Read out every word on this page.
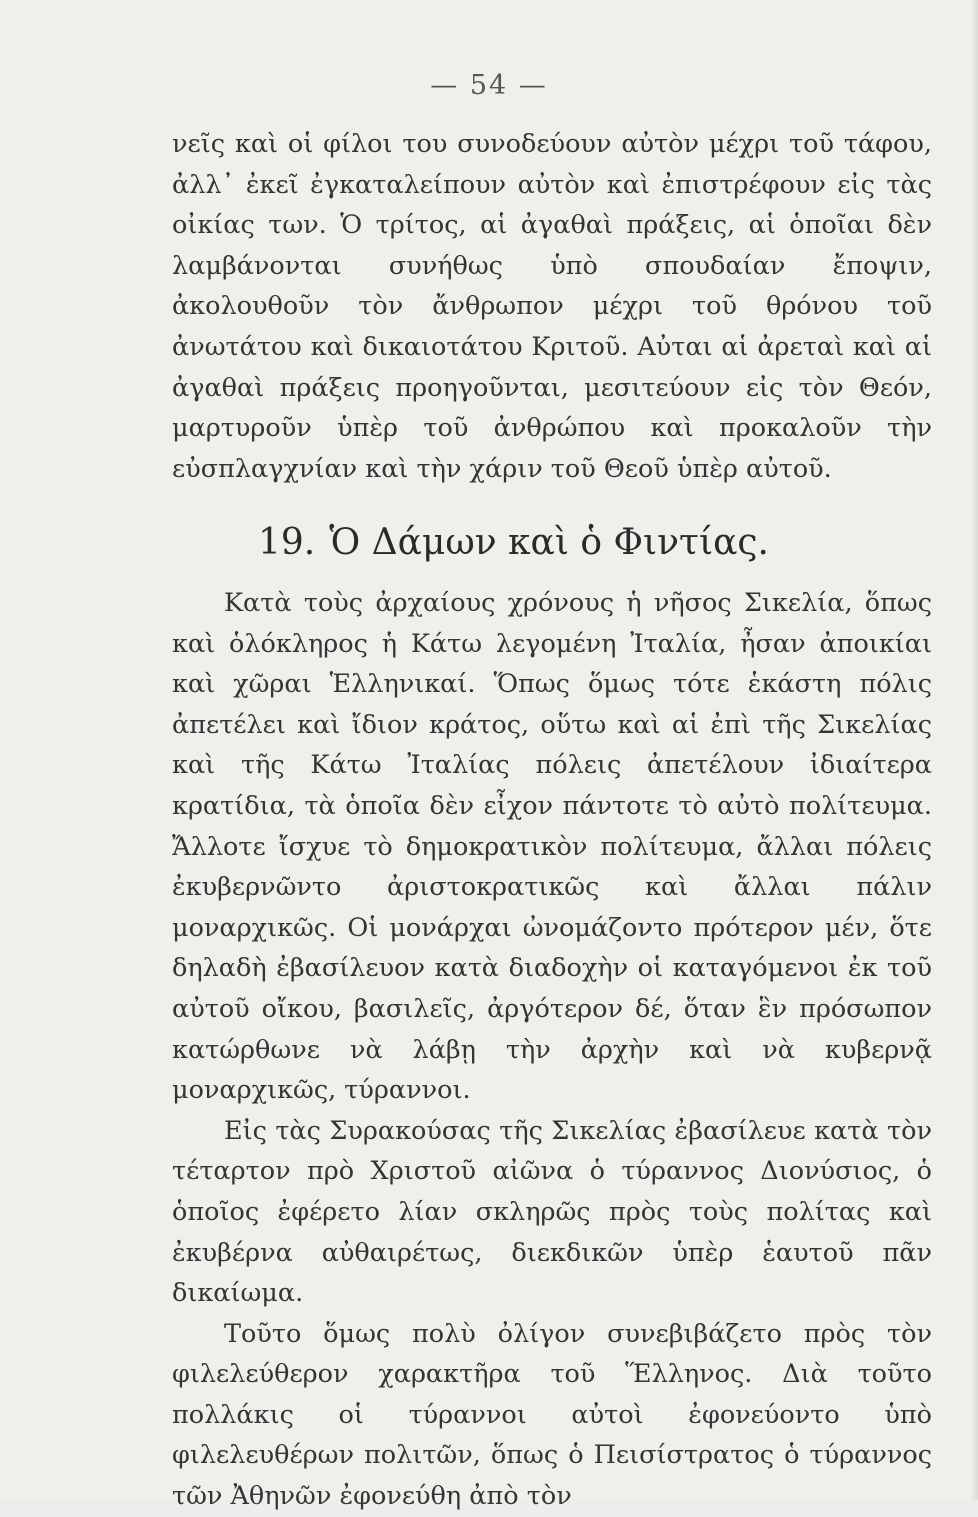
— 54 —

νεῖς καὶ οἱ φίλοι του συνοδεύουν αὐτὸν μέχρι τοῦ τάφου, ἀλλ᾽ ἐκεῖ ἐγκαταλείπουν αὐτὸν καὶ ἐπιστρέφουν εἰς τὰς οἰκίας των. Ὁ τρίτος, αἱ ἀγαθαὶ πράξεις, αἱ ὁποῖαι δὲν λαμβάνονται συνήθως ὑπὸ σπουδαίαν ἔποψιν, ἀκολουθοῦν τὸν ἄνθρωπον μέχρι τοῦ θρόνου τοῦ ἀνωτάτου καὶ δικαιοτάτου Κριτοῦ. Αὐται αἱ ἀρεταὶ καὶ αἱ ἀγαθαὶ πράξεις προηγοῦνται, μεσιτεύουν εἰς τὸν Θεόν, μαρτυροῦν ὑπὲρ τοῦ ἀνθρώπου καὶ προκαλοῦν τὴν εὐσπλαγχνίαν καὶ τὴν χάριν τοῦ Θεοῦ ὑπὲρ αὐτοῦ.

19. Ὁ Δάμων καὶ ὁ Φιντίας.

Κατὰ τοὺς ἀρχαίους χρόνους ἡ νῆσος Σικελία, ὅπως καὶ ὁλόκληρος ἡ Κάτω λεγομένη Ἰταλία, ἦσαν ἀποικίαι καὶ χῶραι Ἑλληνικαί. Ὅπως ὅμως τότε ἑκάστη πόλις ἀπετέλει καὶ ἴδιον κράτος, οὕτω καὶ αἱ ἐπὶ τῆς Σικελίας καὶ τῆς Κάτω Ἰταλίας πόλεις ἀπετέλουν ἰδιαίτερα κρατίδια, τὰ ὁποῖα δὲν εἶχον πάντοτε τὸ αὐτὸ πολίτευμα. Ἄλλοτε ἴσχυε τὸ δημοκρατικὸν πολίτευμα, ἄλλαι πόλεις ἐκυβερνῶντο ἀριστοκρατικῶς καὶ ἄλλαι πάλιν μοναρχικῶς. Οἱ μονάρχαι ὠνομάζοντο πρότερον μέν, ὅτε δηλαδὴ ἐβασίλευον κατὰ διαδοχὴν οἱ καταγόμενοι ἐκ τοῦ αὐτοῦ οἴκου, βασιλεῖς, ἀργότερον δέ, ὅταν ἓν πρόσωπον κατώρθωνε νὰ λάβῃ τὴν ἀρχὴν καὶ νὰ κυβερνᾷ μοναρχικῶς, τύραννοι.

Εἰς τὰς Συρακούσας τῆς Σικελίας ἐβασίλευε κατὰ τὸν τέταρτον πρὸ Χριστοῦ αἰῶνα ὁ τύραννος Διονύσιος, ὁ ὁποῖος ἐφέρετο λίαν σκληρῶς πρὸς τοὺς πολίτας καὶ ἐκυβέρνα αὐθαιρέτως, διεκδικῶν ὑπὲρ ἑαυτοῦ πᾶν δικαίωμα.

Τοῦτο ὅμως πολὺ ὀλίγον συνεβιβάζετο πρὸς τὸν φιλελεύθερον χαρακτῆρα τοῦ Ἕλληνος. Διὰ τοῦτο πολλάκις οἱ τύραννοι αὐτοὶ ἐφονεύοντο ὑπὸ φιλελευθέρων πολιτῶν, ὅπως ὁ Πεισίστρατος ὁ τύραννος τῶν Ἀθηνῶν ἐφονεύθη ἀπὸ τὸν
